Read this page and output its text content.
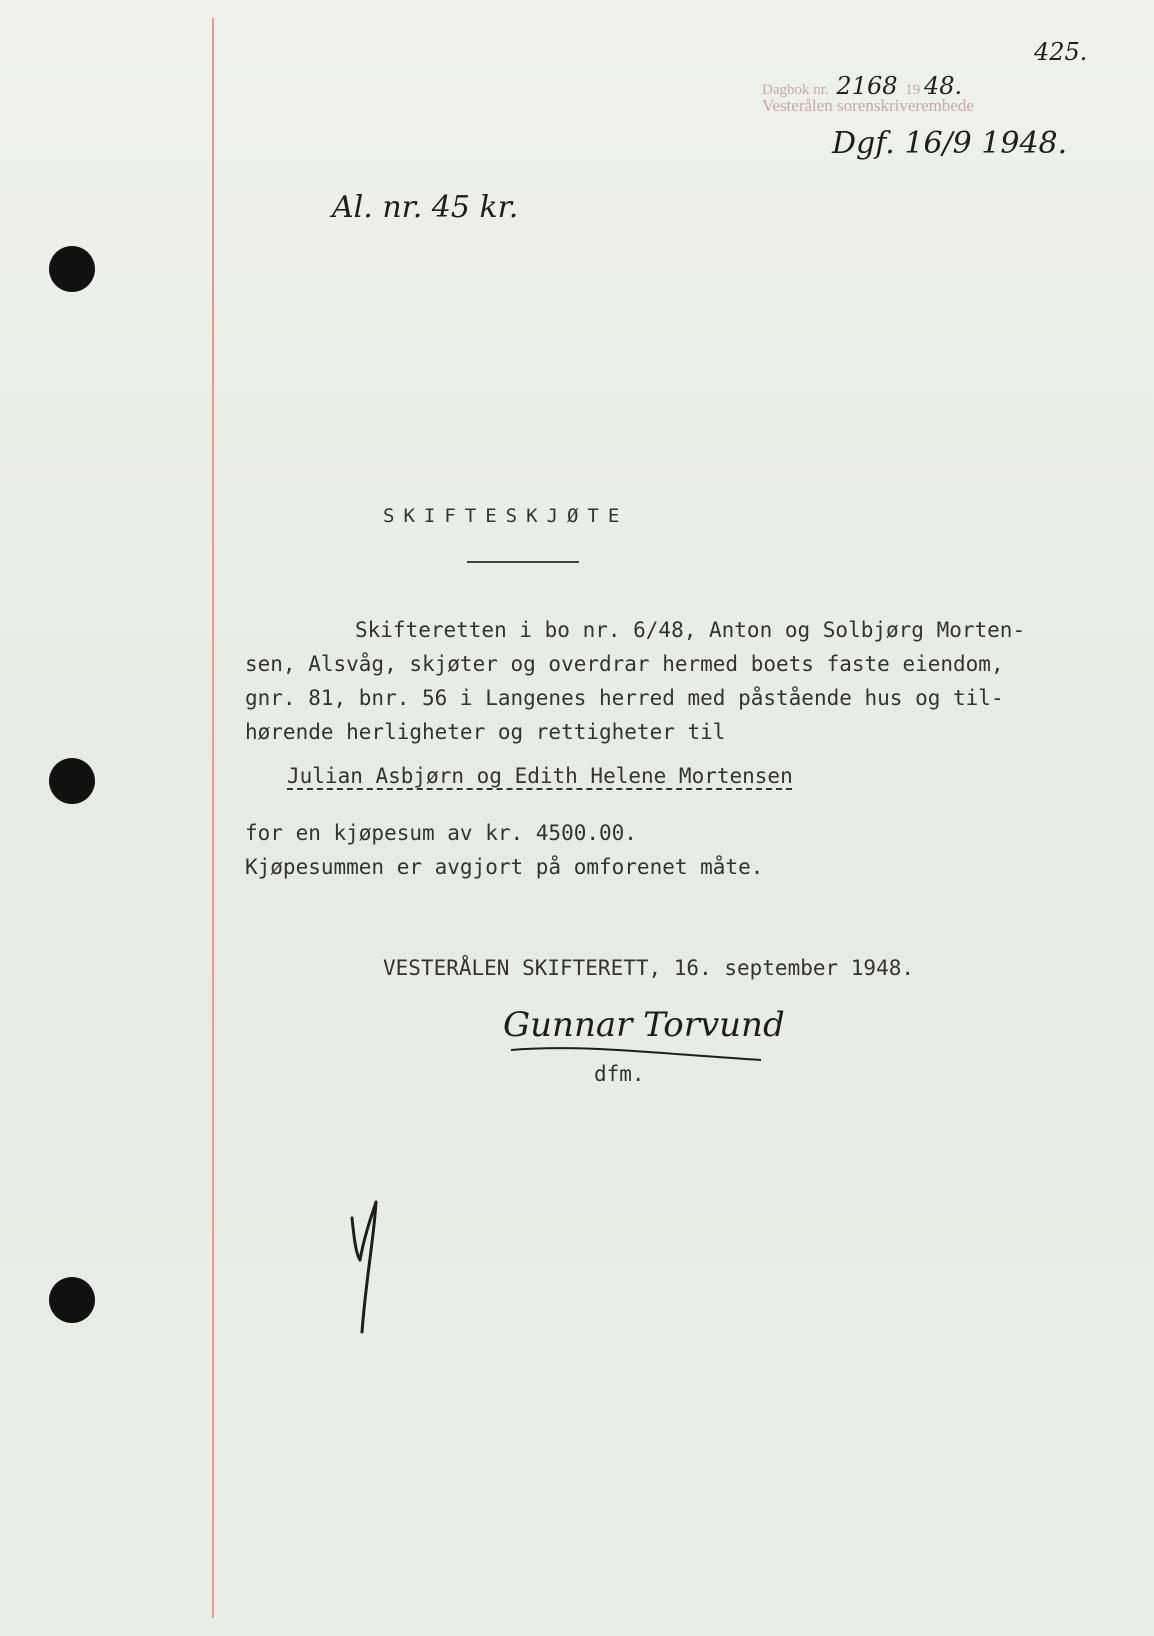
425.
Dagbok nr. 2168 19 48.
Vesterålen sorenskriverembede
Dgf. 16/9 1948.
Al. nr. 45 kr.
SKIFTESKJØTE
Skifteretten i bo nr. 6/48, Anton og Solbjørg Morten-
sen, Alsvåg, skjøter og overdrar hermed boets faste eiendom,
gnr. 81, bnr. 56 i Langenes herred med påstående hus og til-
hørende herligheter og rettigheter til
Julian Asbjørn og Edith Helene Mortensen
for en kjøpesum av kr. 4500.00.
Kjøpesummen er avgjort på omforenet måte.
VESTERÅLEN SKIFTERETT, 16. september 1948.
Gunnar Torvund
dfm.
